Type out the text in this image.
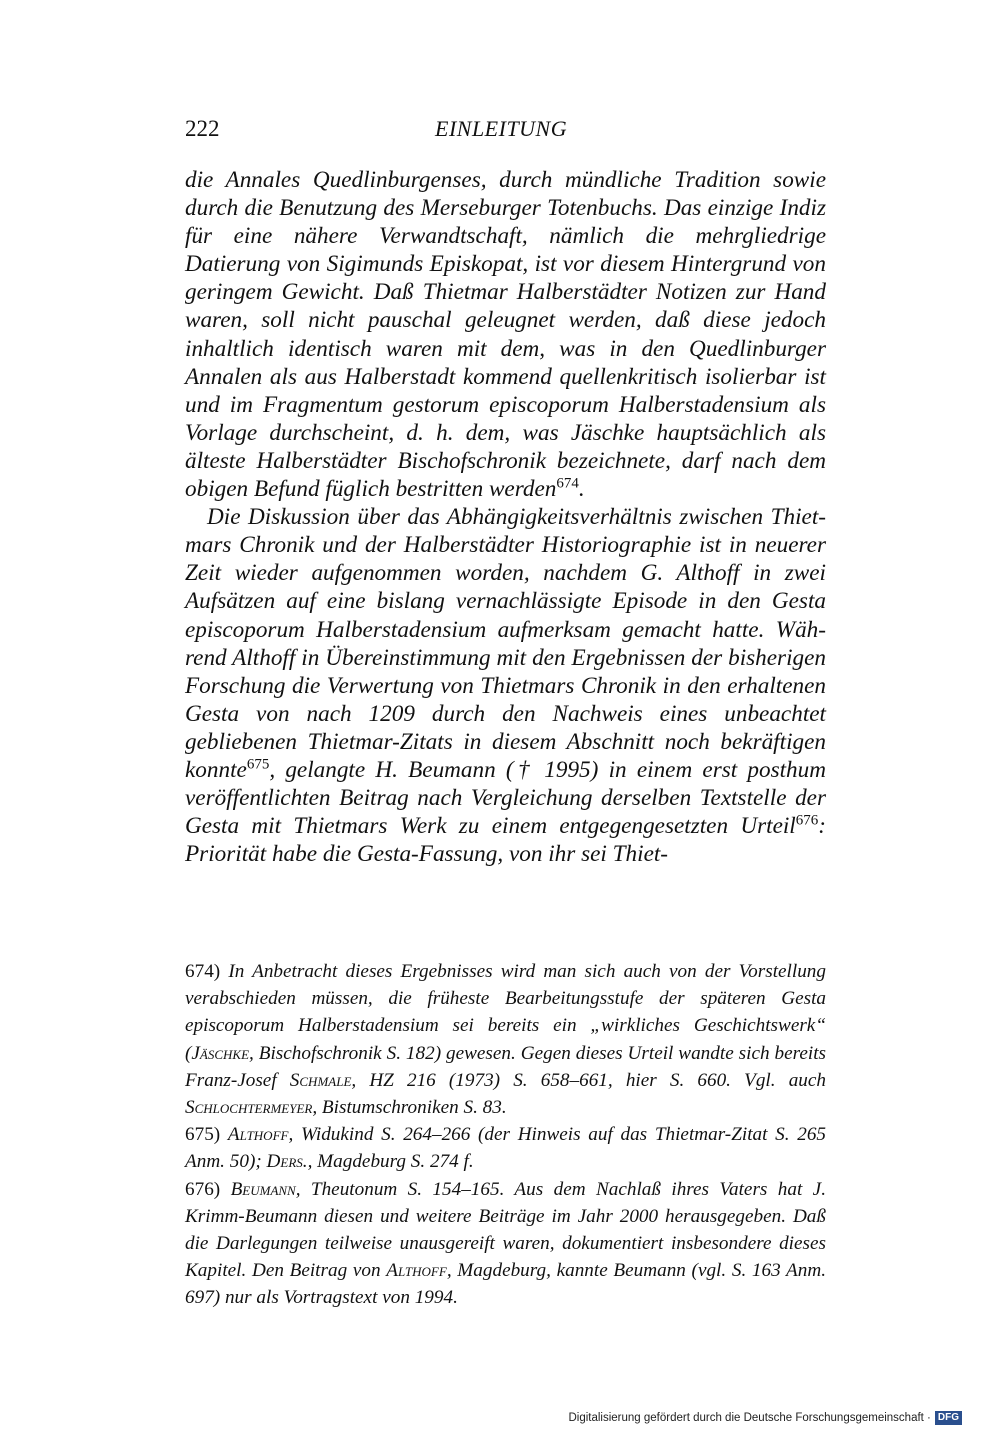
222	EINLEITUNG

die Annales Quedlinburgenses, durch mündliche Tradition sowie durch die Benutzung des Merseburger Totenbuchs. Das einzige Indiz für eine nähere Verwandtschaft, nämlich die mehrgliedrige Datierung von Sigimunds Episkopat, ist vor diesem Hintergrund von geringem Gewicht. Daß Thietmar Halberstädter Notizen zur Hand waren, soll nicht pauschal geleugnet werden, daß diese jedoch inhaltlich identisch waren mit dem, was in den Quedlinburger Annalen als aus Halberstadt kommend quellenkritisch isolierbar ist und im Fragmentum gestorum episcoporum Halberstadensium als Vorlage durchscheint, d. h. dem, was Jäschke hauptsächlich als älteste Halberstädter Bischofschronik bezeichnete, darf nach dem obigen Befund füglich bestritten werden$^{674}$.

Die Diskussion über das Abhängigkeitsverhältnis zwischen Thietmars Chronik und der Halberstädter Historiographie ist in neuerer Zeit wieder aufgenommen worden, nachdem G. Althoff in zwei Aufsätzen auf eine bislang vernachlässigte Episode in den Gesta episcoporum Halberstadensium aufmerksam gemacht hatte. Während Althoff in Übereinstimmung mit den Ergebnissen der bisherigen Forschung die Verwertung von Thietmars Chronik in den erhaltenen Gesta von nach 1209 durch den Nachweis eines unbeachtet gebliebenen Thietmar-Zitats in diesem Abschnitt noch bekräftigen konnte$^{675}$, gelangte H. Beumann († 1995) in einem erst posthum veröffentlichten Beitrag nach Vergleichung derselben Textstelle der Gesta mit Thietmars Werk zu einem entgegengesetzten Urteil$^{676}$: Priorität habe die Gesta-Fassung, von ihr sei Thiet-

674) In Anbetracht dieses Ergebnisses wird man sich auch von der Vorstellung verabschieden müssen, die früheste Bearbeitungsstufe der späteren Gesta episcoporum Halberstadensium sei bereits ein „wirkliches Geschichtswerk“ (Jäschke, Bischofschronik S. 182) gewesen. Gegen dieses Urteil wandte sich bereits Franz-Josef Schmale, HZ 216 (1973) S. 658–661, hier S. 660. Vgl. auch Schlochtermeyer, Bistumschroniken S. 83.

675) Althoff, Widukind S. 264–266 (der Hinweis auf das Thietmar-Zitat S. 265 Anm. 50); Ders., Magdeburg S. 274 f.

676) Beumann, Theutonum S. 154–165. Aus dem Nachlaß ihres Vaters hat J. Krimm-Beumann diesen und weitere Beiträge im Jahr 2000 herausgegeben. Daß die Darlegungen teilweise unausgereift waren, dokumentiert insbesondere dieses Kapitel. Den Beitrag von Althoff, Magdeburg, kannte Beumann (vgl. S. 163 Anm. 697) nur als Vortragstext von 1994.

Digitalisierung gefördert durch die Deutsche Forschungsgemeinschaft · DFG
